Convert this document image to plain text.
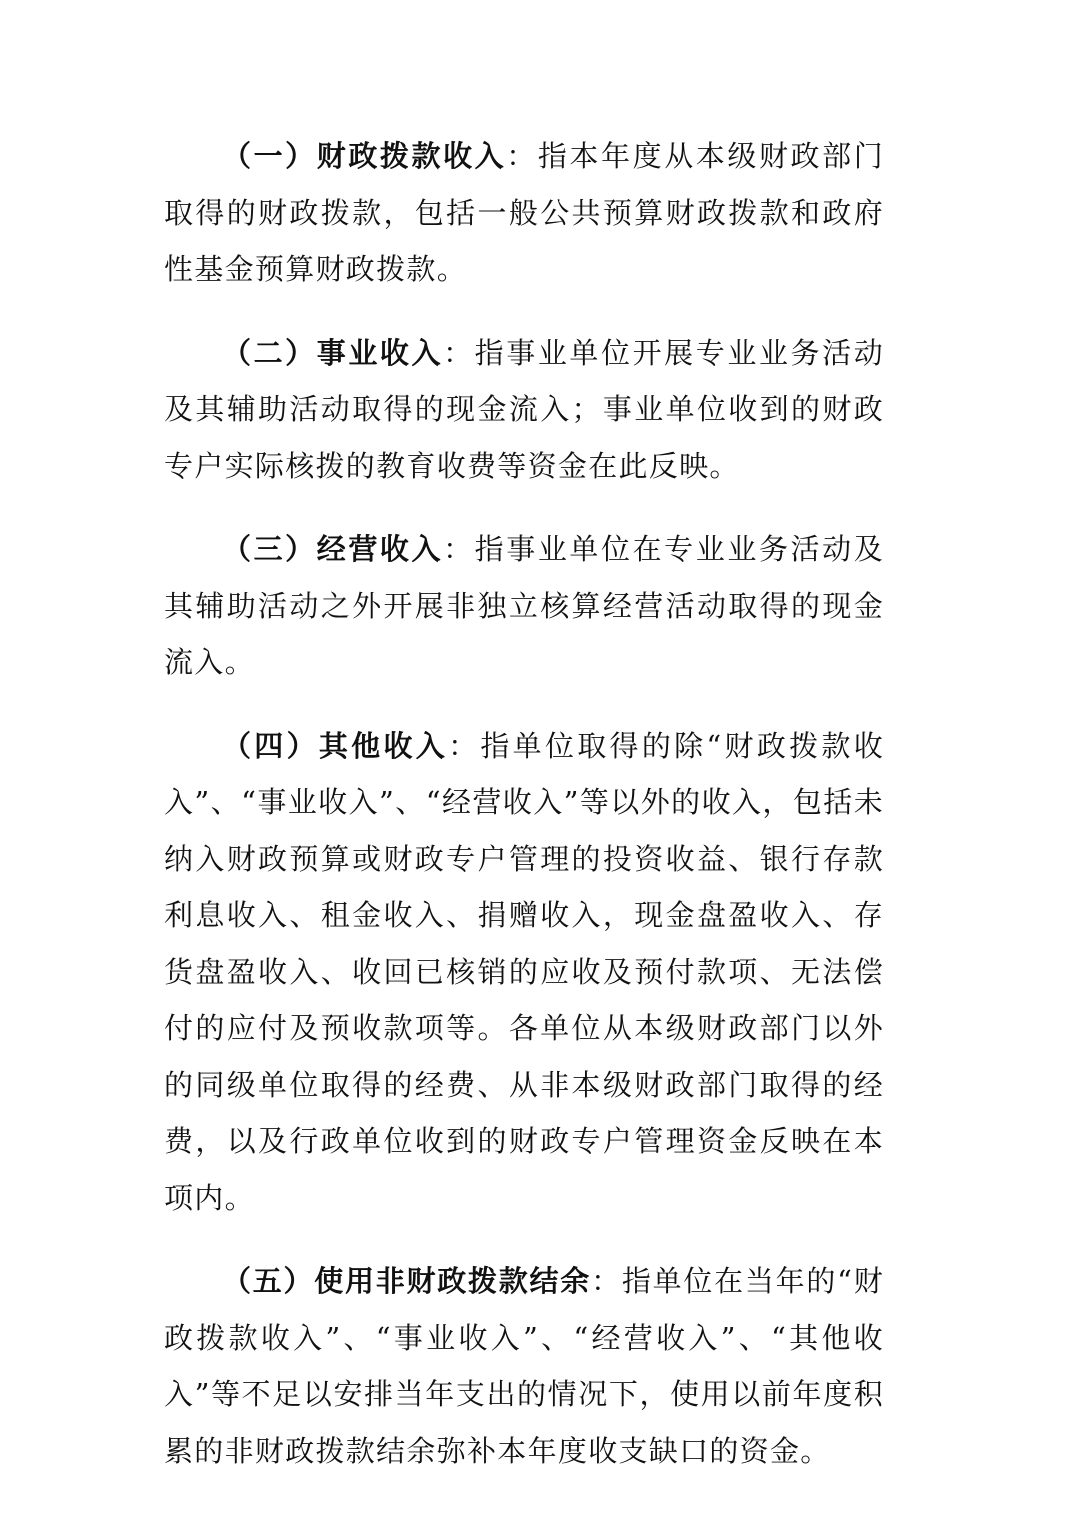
（一）财政拨款收入：指本年度从本级财政部门取得的财政拨款，包括一般公共预算财政拨款和政府性基金预算财政拨款。

（二）事业收入：指事业单位开展专业业务活动及其辅助活动取得的现金流入；事业单位收到的财政专户实际核拨的教育收费等资金在此反映。

（三）经营收入：指事业单位在专业业务活动及其辅助活动之外开展非独立核算经营活动取得的现金流入。

（四）其他收入：指单位取得的除“财政拨款收入”、“事业收入”、“经营收入”等以外的收入，包括未纳入财政预算或财政专户管理的投资收益、银行存款利息收入、租金收入、捐赠收入，现金盘盈收入、存货盘盈收入、收回已核销的应收及预付款项、无法偿付的应付及预收款项等。各单位从本级财政部门以外的同级单位取得的经费、从非本级财政部门取得的经费，以及行政单位收到的财政专户管理资金反映在本项内。

（五）使用非财政拨款结余：指单位在当年的“财政拨款收入”、“事业收入”、“经营收入”、“其他收入”等不足以安排当年支出的情况下，使用以前年度积累的非财政拨款结余弥补本年度收支缺口的资金。
